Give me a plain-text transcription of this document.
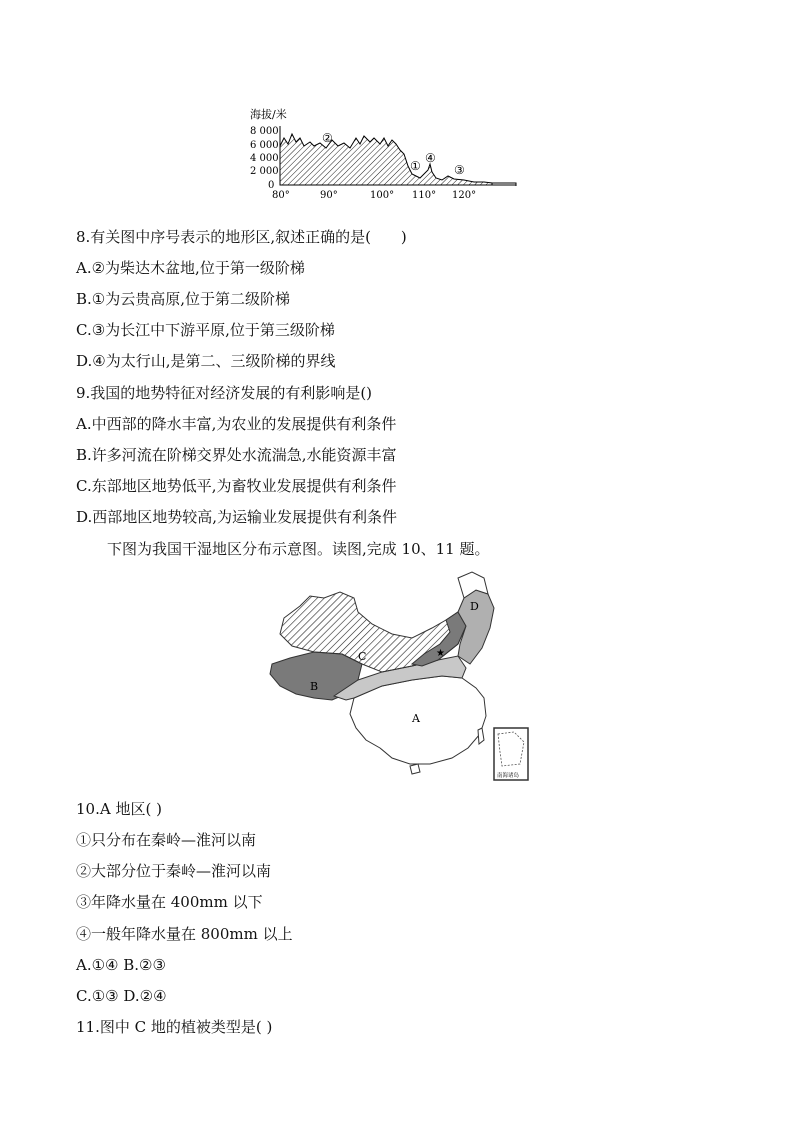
海拔/米
8 000
6 000
4 000
2 000
0
②
①
④
③
80°	90°	100° 110° 120°
8.有关图中序号表示的地形区,叙述正确的是(　　)
A.②为柴达木盆地,位于第一级阶梯
B.①为云贵高原,位于第二级阶梯
C.③为长江中下游平原,位于第三级阶梯
D.④为太行山,是第二、三级阶梯的界线
9.我国的地势特征对经济发展的有利影响是()
A.中西部的降水丰富,为农业的发展提供有利条件
B.许多河流在阶梯交界处水流湍急,水能资源丰富
C.东部地区地势低平,为畜牧业发展提供有利条件
D.西部地区地势较高,为运输业发展提供有利条件
下图为我国干湿地区分布示意图。读图,完成 10、11 题。
A
B
C
D
★
南海诸岛
10.A 地区( )
①只分布在秦岭—淮河以南
②大部分位于秦岭—淮河以南
③年降水量在 400mm 以下
④一般年降水量在 800mm 以上
A.①④ B.②③
C.①③ D.②④
11.图中 C 地的植被类型是( )
